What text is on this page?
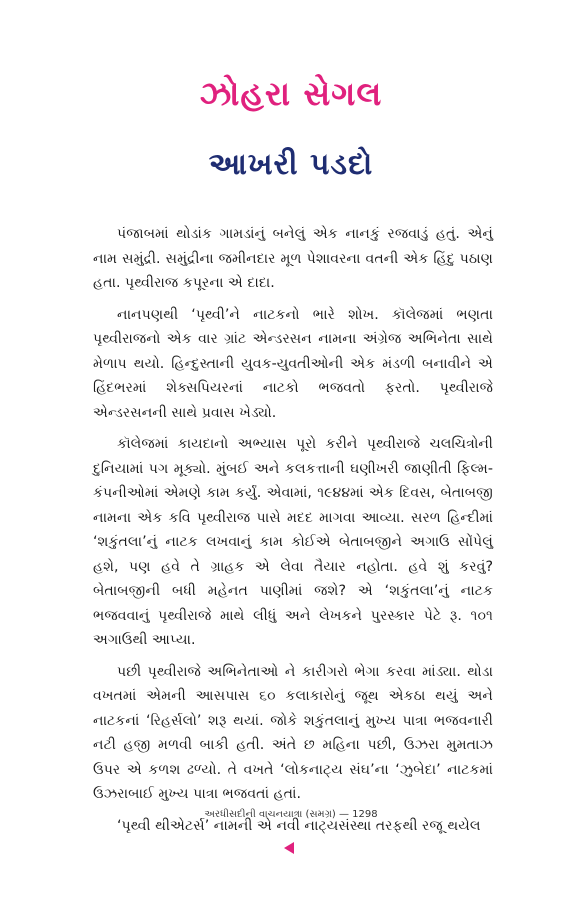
ઝોહરા સેગલ
આખરી પડદો

પંજાબમાં થોડાંક ગામડાંનું બનેલું એક નાનકું રજવાડું હતું. એનું નામ સમુંદ્રી. સમુંદ્રીના જમીનદાર મૂળ પેશાવરના વતની એક હિંદુ પઠાણ હતા. પૃથ્વીરાજ કપૂરના એ દાદા.

નાનપણથી ‘પૃથ્વી’ને નાટકનો ભારે શોખ. કૉલેજમાં ભણતા પૃથ્વીરાજનો એક વાર ગ્રાંટ એન્ડરસન નામના અંગ્રેજ અભિનેતા સાથે મેળાપ થયો. હિન્દુસ્તાની યુવક-યુવતીઓની એક મંડળી બનાવીને એ હિંદભરમાં શેક્સપિયરનાં નાટકો ભજવતો ફરતો. પૃથ્વીરાજે એન્ડરસનની સાથે પ્રવાસ ખેડ્યો.

કૉલેજમાં કાયદાનો અભ્યાસ પૂરો કરીને પૃથ્વીરાજે ચલચિત્રોની દુનિયામાં પગ મૂક્યો. મુંબઈ અને કલકત્તાની ઘણીખરી જાણીતી ફિલ્મ-કંપનીઓમાં એમણે કામ કર્યું. એવામાં, ૧૯૪૪માં એક દિવસ, બેતાબજી નામના એક કવિ પૃથ્વીરાજ પાસે મદદ માગવા આવ્યા. સરળ હિન્દીમાં ‘શકુંતલા’નું નાટક લખવાનું કામ કોઈએ બેતાબજીને અગાઉ સોંપેલું હશે, પણ હવે તે ગ્રાહક એ લેવા તૈયાર નહોતા. હવે શું કરવું? બેતાબજીની બધી મહેનત પાણીમાં જશે? એ ‘શકુંતલા’નું નાટક ભજવવાનું પૃથ્વીરાજે માથે લીધું અને લેખકને પુરસ્કાર પેટે રૂ. ૧૦૧ અગાઉથી આપ્યા.

પછી પૃથ્વીરાજે અભિનેતાઓ ને કારીગરો ભેગા કરવા માંડ્યા. થોડા વખતમાં એમની આસપાસ ૬૦ કલાકારોનું જૂથ એકઠા થયું અને નાટકનાં ‘રિહર્સલો’ શરૂ થયાં. જોકે શકુંતલાનું મુખ્ય પાત્રા ભજવનારી નટી હજી મળવી બાકી હતી. અંતે છ મહિના પછી, ઉઝરા મુમતાઝ ઉપર એ કળશ ઢળ્યો. તે વખતે ‘લોકનાટ્ય સંઘ’ના ‘ઝુબેદા’ નાટકમાં ઉઝરાબાઈ મુખ્ય પાત્રા ભજવતાં હતાં.

‘પૃથ્વી થીએટર્સ’ નામની એ નવી નાટ્યસંસ્થા તરફથી રજૂ થયેલ

અરધીસદીની વાચનયાત્રા (સમગ્ર) — 1298
